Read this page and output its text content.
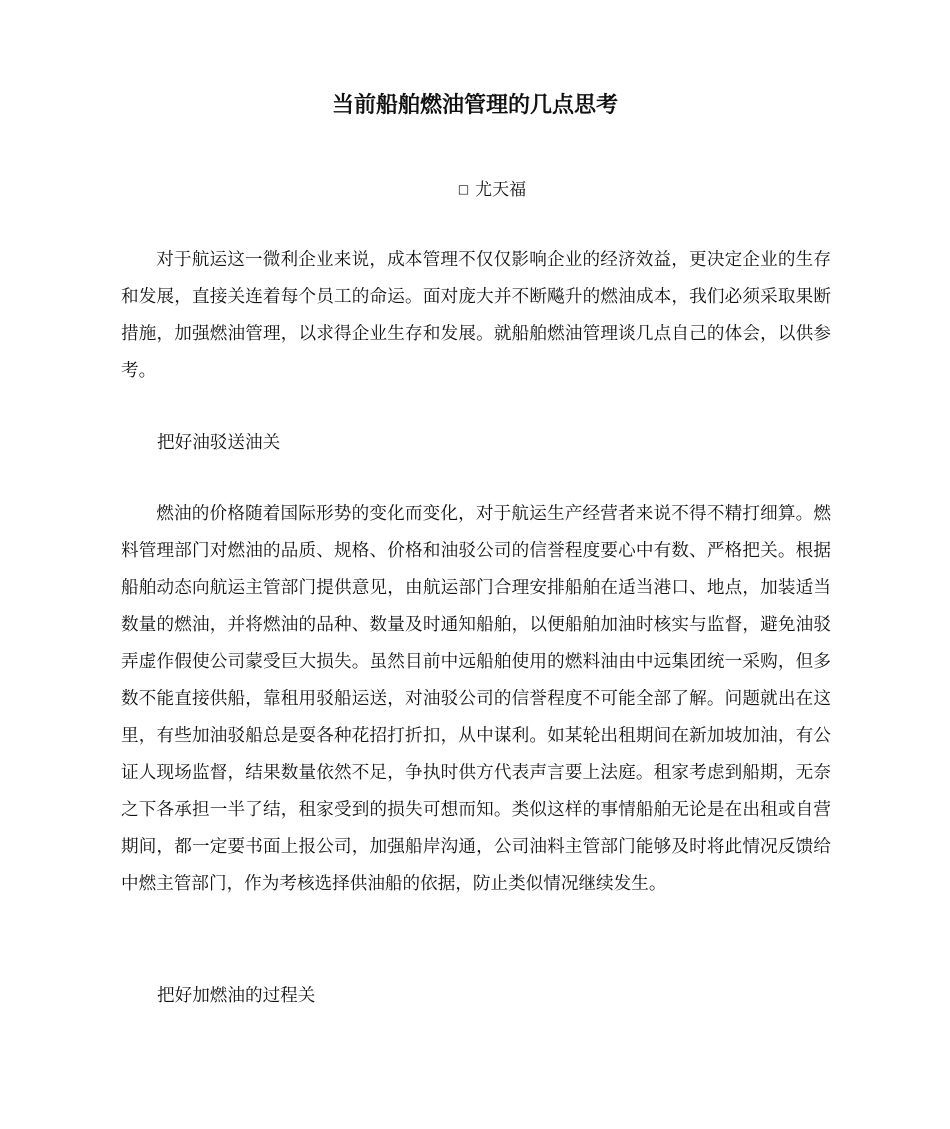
当前船舶燃油管理的几点思考
□ 尤天福

对于航运这一微利企业来说，成本管理不仅仅影响企业的经济效益，更决定企业的生存和发展，直接关连着每个员工的命运。面对庞大并不断飚升的燃油成本，我们必须采取果断措施，加强燃油管理，以求得企业生存和发展。就船舶燃油管理谈几点自己的体会，以供参考。

把好油驳送油关

燃油的价格随着国际形势的变化而变化，对于航运生产经营者来说不得不精打细算。燃料管理部门对燃油的品质、规格、价格和油驳公司的信誉程度要心中有数、严格把关。根据船舶动态向航运主管部门提供意见，由航运部门合理安排船舶在适当港口、地点，加装适当数量的燃油，并将燃油的品种、数量及时通知船舶，以便船舶加油时核实与监督，避免油驳弄虚作假使公司蒙受巨大损失。虽然目前中远船舶使用的燃料油由中远集团统一采购，但多数不能直接供船，靠租用驳船运送，对油驳公司的信誉程度不可能全部了解。问题就出在这里，有些加油驳船总是耍各种花招打折扣，从中谋利。如某轮出租期间在新加坡加油，有公证人现场监督，结果数量依然不足，争执时供方代表声言要上法庭。租家考虑到船期，无奈之下各承担一半了结，租家受到的损失可想而知。类似这样的事情船舶无论是在出租或自营期间，都一定要书面上报公司，加强船岸沟通，公司油料主管部门能够及时将此情况反馈给中燃主管部门，作为考核选择供油船的依据，防止类似情况继续发生。

把好加燃油的过程关
